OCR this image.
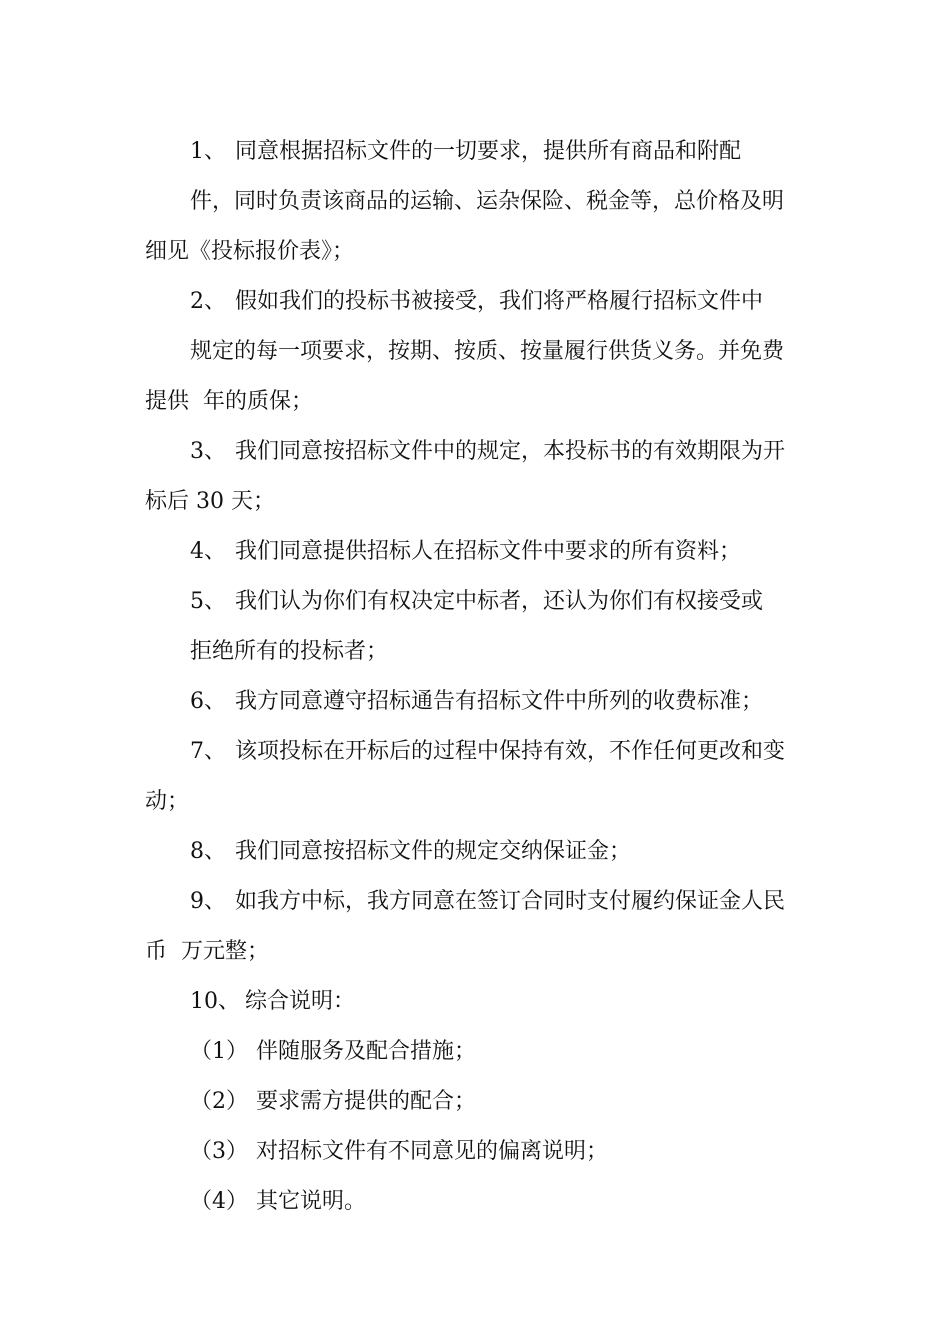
1、 同意根据招标文件的一切要求，提供所有商品和附配
件，同时负责该商品的运输、运杂保险、税金等，总价格及明
细见《投标报价表》；
2、 假如我们的投标书被接受，我们将严格履行招标文件中
规定的每一项要求，按期、按质、按量履行供货义务。并免费
提供  年的质保；
3、 我们同意按招标文件中的规定，本投标书的有效期限为开
标后 30 天；
4、 我们同意提供招标人在招标文件中要求的所有资料；
5、 我们认为你们有权决定中标者，还认为你们有权接受或
拒绝所有的投标者；
6、 我方同意遵守招标通告有招标文件中所列的收费标准；
7、 该项投标在开标后的过程中保持有效，不作任何更改和变
动；
8、 我们同意按招标文件的规定交纳保证金；
9、 如我方中标，我方同意在签订合同时支付履约保证金人民
币  万元整；
10、 综合说明：
（1） 伴随服务及配合措施；
（2） 要求需方提供的配合；
（3） 对招标文件有不同意见的偏离说明；
（4） 其它说明。
